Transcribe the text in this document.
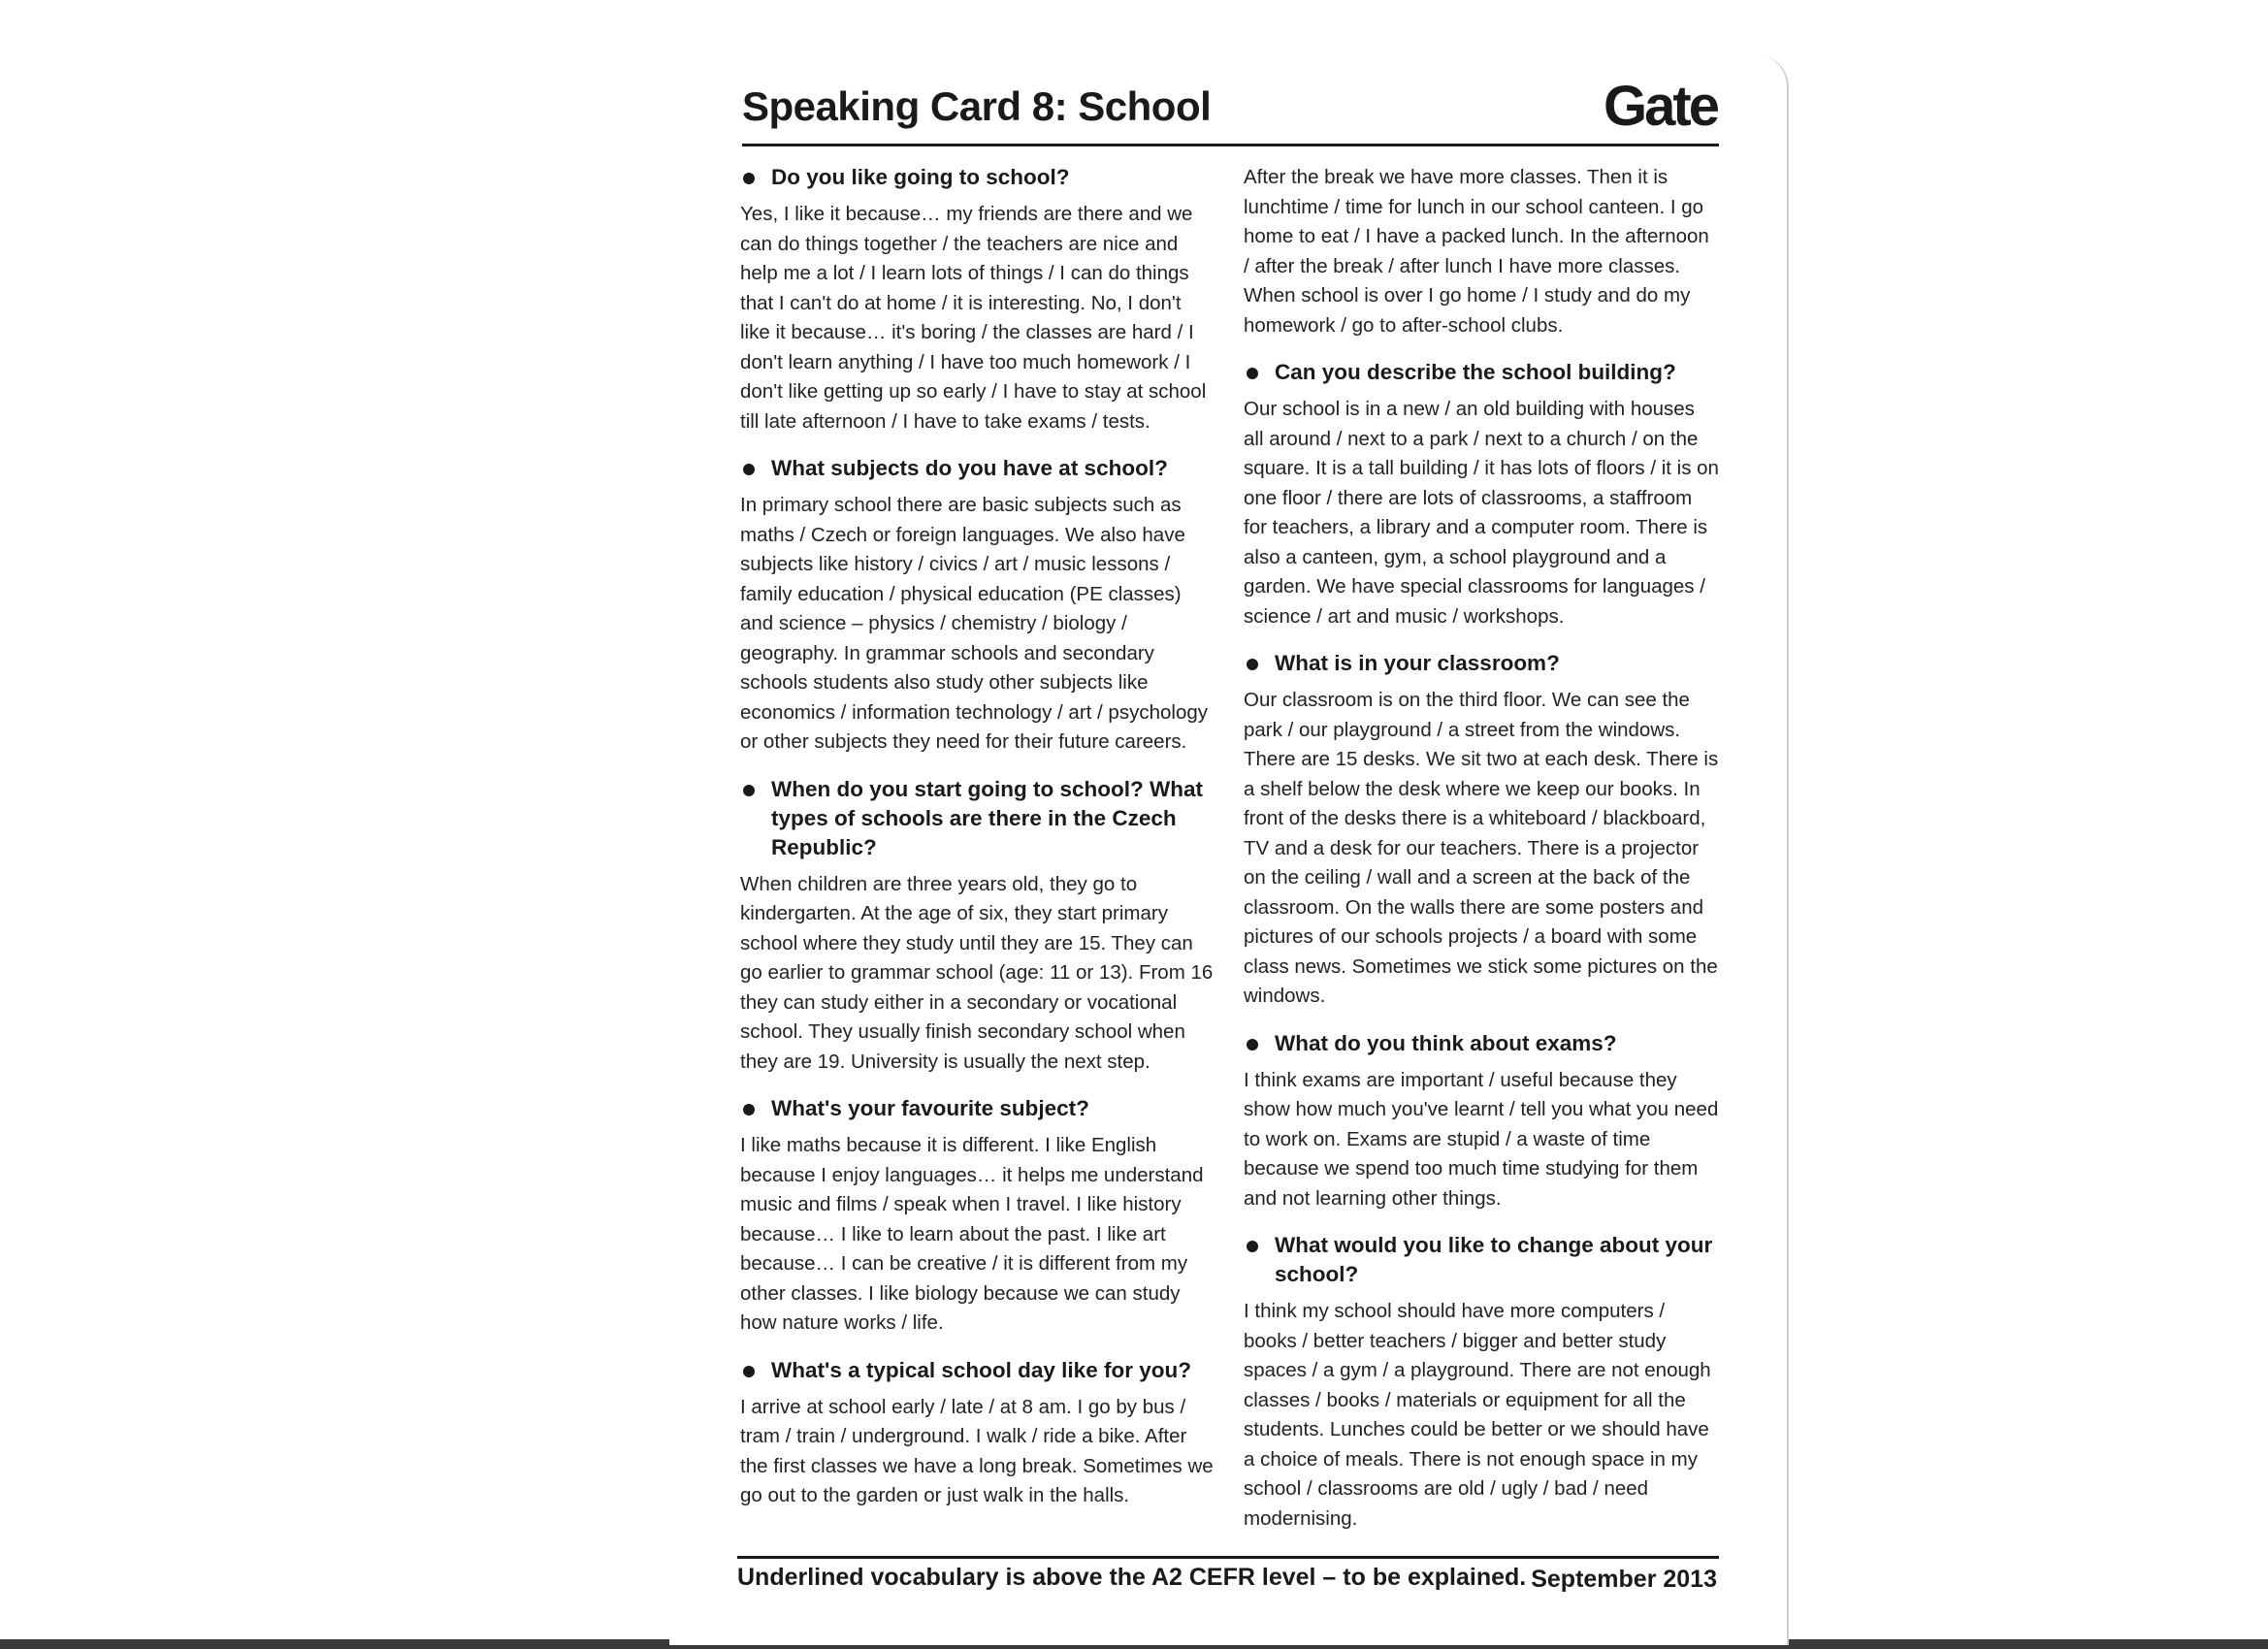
Speaking Card 8: School	Gate
Do you like going to school?
Yes, I like it because… my friends are there and we can do things together / the teachers are nice and help me a lot / I learn lots of things / I can do things that I can't do at home / it is interesting. No, I don't like it because… it's boring / the classes are hard / I don't learn anything / I have too much homework / I don't like getting up so early / I have to stay at school till late afternoon / I have to take exams / tests.
What subjects do you have at school?
In primary school there are basic subjects such as maths / Czech or foreign languages. We also have subjects like history / civics / art / music lessons / family education / physical education (PE classes) and science – physics / chemistry / biology / geography. In grammar schools and secondary schools students also study other subjects like economics / information technology / art / psychology or other subjects they need for their future careers.
When do you start going to school? What types of schools are there in the Czech Republic?
When children are three years old, they go to kindergarten. At the age of six, they start primary school where they study until they are 15. They can go earlier to grammar school (age: 11 or 13). From 16 they can study either in a secondary or vocational school. They usually finish secondary school when they are 19. University is usually the next step.
What's your favourite subject?
I like maths because it is different. I like English because I enjoy languages… it helps me understand music and films / speak when I travel. I like history because… I like to learn about the past. I like art because… I can be creative / it is different from my other classes. I like biology because we can study how nature works / life.
What's a typical school day like for you?
I arrive at school early / late / at 8 am. I go by bus / tram / train / underground. I walk / ride a bike. After the first classes we have a long break. Sometimes we go out to the garden or just walk in the halls.
After the break we have more classes. Then it is lunchtime / time for lunch in our school canteen. I go home to eat / I have a packed lunch. In the afternoon / after the break / after lunch I have more classes. When school is over I go home / I study and do my homework / go to after-school clubs.
Can you describe the school building?
Our school is in a new / an old building with houses all around / next to a park / next to a church / on the square. It is a tall building / it has lots of floors / it is on one floor / there are lots of classrooms, a staffroom for teachers, a library and a computer room. There is also a canteen, gym, a school playground and a garden. We have special classrooms for languages / science / art and music / workshops.
What is in your classroom?
Our classroom is on the third floor. We can see the park / our playground / a street from the windows. There are 15 desks. We sit two at each desk. There is a shelf below the desk where we keep our books. In front of the desks there is a whiteboard / blackboard, TV and a desk for our teachers. There is a projector on the ceiling / wall and a screen at the back of the classroom. On the walls there are some posters and pictures of our schools projects / a board with some class news. Sometimes we stick some pictures on the windows.
What do you think about exams?
I think exams are important / useful because they show how much you've learnt / tell you what you need to work on. Exams are stupid / a waste of time because we spend too much time studying for them and not learning other things.
What would you like to change about your school?
I think my school should have more computers / books / better teachers / bigger and better study spaces / a gym / a playground. There are not enough classes / books / materials or equipment for all the students. Lunches could be better or we should have a choice of meals. There is not enough space in my school / classrooms are old / ugly / bad / need modernising.
Underlined vocabulary is above the A2 CEFR level – to be explained. September 2013
